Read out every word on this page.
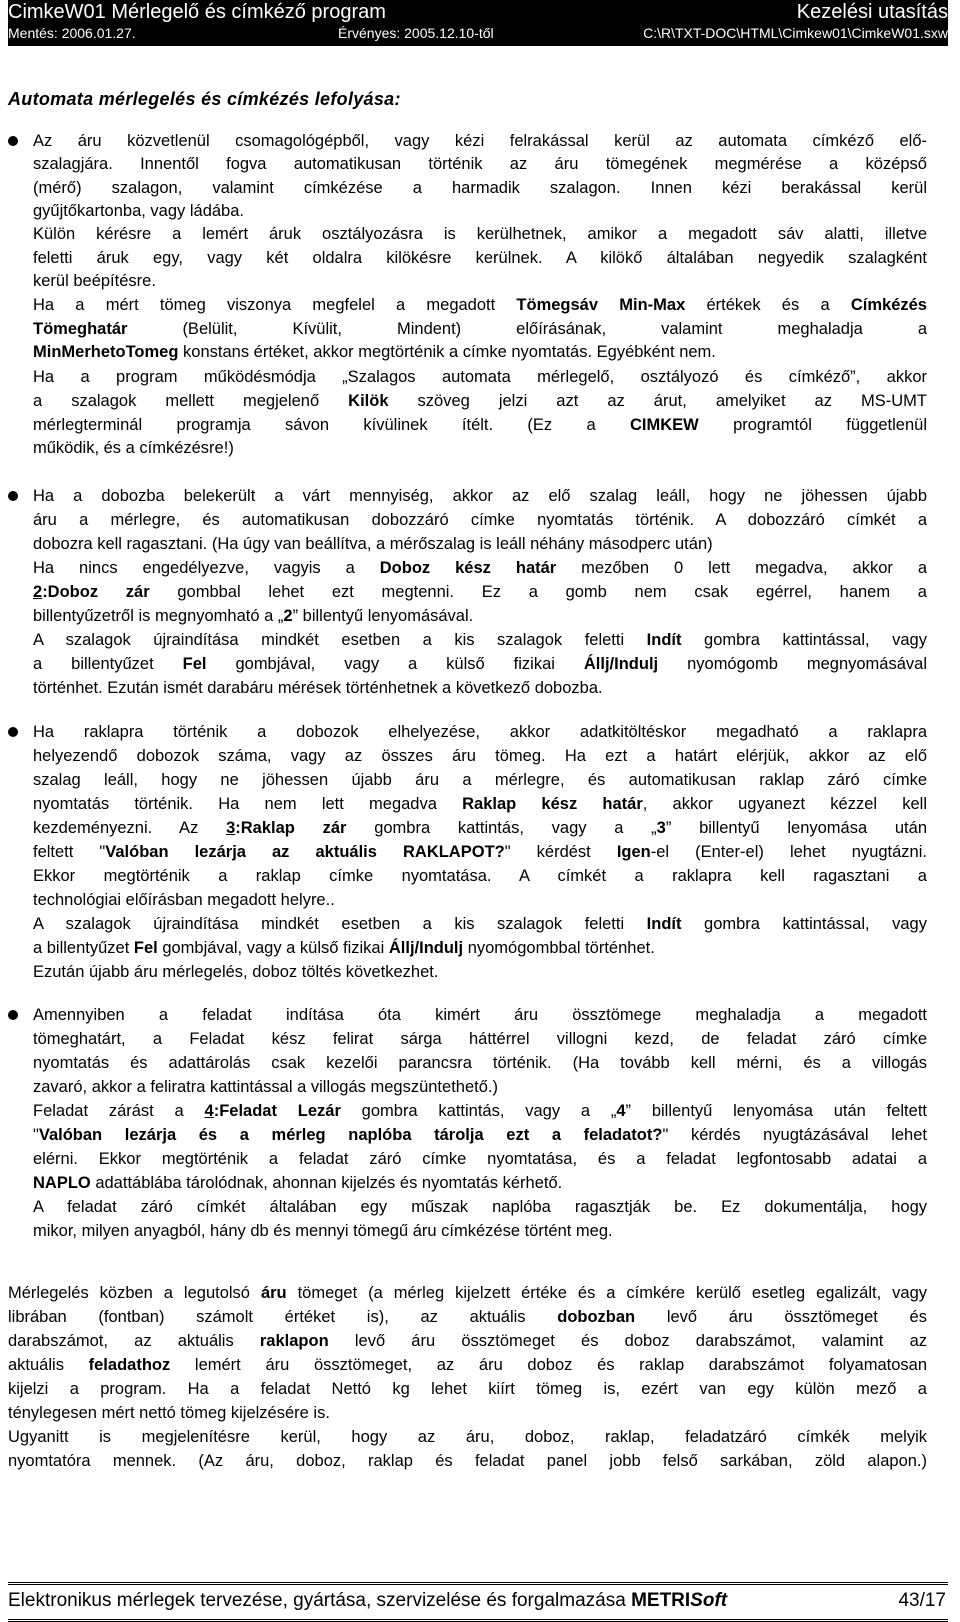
CimkeW01 Mérlegelő és címkéző program	Kezelési utasítás
Mentés: 2006.01.27.	Érvényes: 2005.12.10-től	C:\R\TXT-DOC\HTML\Cimkew01\CimkeW01.sxw
Automata mérlegelés és címkézés lefolyása:
Az áru közvetlenül csomagológépből, vagy kézi felrakással kerül az automata címkéző elő-
szalagjára. Innentől fogva automatikusan történik az áru tömegének megmérése a középső
(mérő) szalagon, valamint címkézése a harmadik szalagon. Innen kézi berakással kerül
gyűjtőkartonba, vagy ládába.
Külön kérésre a lemért áruk osztályozásra is kerülhetnek, amikor a megadott sáv alatti, illetve
feletti áruk egy, vagy két oldalra kilökésre kerülnek. A kilökő általában negyedik szalagként
kerül beépítésre.
Ha a mért tömeg viszonya megfelel a megadott Tömegsáv Min-Max értékek és a Címkézés
Tömeghatár (Belülit, Kívülit, Mindent) előírásának, valamint meghaladja a
MinMerhetoTomeg konstans értéket, akkor megtörténik a címke nyomtatás. Egyébként nem.
Ha a program működésmódja „Szalagos automata mérlegelő, osztályozó és címkéző”, akkor
a szalagok mellett megjelenő Kilök szöveg jelzi azt az árut, amelyiket az MS-UMT
mérlegterminál programja sávon kívülinek ítélt. (Ez a CIMKEW programtól függetlenül
működik, és a címkézésre!)
Ha a dobozba belekerült a várt mennyiség, akkor az elő szalag leáll, hogy ne jöhessen újabb
áru a mérlegre, és automatikusan dobozzáró címke nyomtatás történik. A dobozzáró címkét a
dobozra kell ragasztani. (Ha úgy van beállítva, a mérőszalag is leáll néhány másodperc után)
Ha nincs engedélyezve, vagyis a Doboz kész határ mezőben 0 lett megadva, akkor a
2:Doboz zár gombbal lehet ezt megtenni. Ez a gomb nem csak egérrel, hanem a
billentyűzetről is megnyomható a „2” billentyű lenyomásával.
A szalagok újraindítása mindkét esetben a kis szalagok feletti Indít gombra kattintással, vagy
a billentyűzet Fel gombjával, vagy a külső fizikai Állj/Indulj nyomógomb megnyomásával
történhet. Ezután ismét darabáru mérések történhetnek a következő dobozba.
Ha raklapra történik a dobozok elhelyezése, akkor adatkitöltéskor megadható a raklapra
helyezendő dobozok száma, vagy az összes áru tömeg. Ha ezt a határt elérjük, akkor az elő
szalag leáll, hogy ne jöhessen újabb áru a mérlegre, és automatikusan raklap záró címke
nyomtatás történik. Ha nem lett megadva Raklap kész határ, akkor ugyanezt kézzel kell
kezdeményezni. Az 3:Raklap zár gombra kattintás, vagy a „3” billentyű lenyomása után
feltett "Valóban lezárja az aktuális RAKLAPOT?" kérdést Igen-el (Enter-el) lehet nyugtázni.
Ekkor megtörténik a raklap címke nyomtatása. A címkét a raklapra kell ragasztani a
technológiai előírásban megadott helyre..
A szalagok újraindítása mindkét esetben a kis szalagok feletti Indít gombra kattintással, vagy
a billentyűzet Fel gombjával, vagy a külső fizikai Állj/Indulj nyomógombbal történhet.
Ezután újabb áru mérlegelés, doboz töltés következhet.
Amennyiben a feladat indítása óta kimért áru össztömege meghaladja a megadott
tömeghatárt, a Feladat kész felirat sárga háttérrel villogni kezd, de feladat záró címke
nyomtatás és adattárolás csak kezelői parancsra történik. (Ha tovább kell mérni, és a villogás
zavaró, akkor a feliratra kattintással a villogás megszüntethető.)
Feladat zárást a 4:Feladat Lezár gombra kattintás, vagy a „4” billentyű lenyomása után feltett
"Valóban lezárja és a mérleg naplóba tárolja ezt a feladatot?" kérdés nyugtázásával lehet
elérni. Ekkor megtörténik a feladat záró címke nyomtatása, és a feladat legfontosabb adatai a
NAPLO adattáblába tárolódnak, ahonnan kijelzés és nyomtatás kérhető.
A feladat záró címkét általában egy műszak naplóba ragasztják be. Ez dokumentálja, hogy
mikor, milyen anyagból, hány db és mennyi tömegű áru címkézése történt meg.
Mérlegelés közben a legutolsó áru tömeget (a mérleg kijelzett értéke és a címkére kerülő esetleg egalizált, vagy
librában (fontban) számolt értéket is), az aktuális dobozban levő áru össztömeget és
darabszámot, az aktuális raklapon levő áru össztömeget és doboz darabszámot, valamint az
aktuális feladathoz lemért áru össztömeget, az áru doboz és raklap darabszámot folyamatosan
kijelzi a program. Ha a feladat Nettó kg lehet kiírt tömeg is, ezért van egy külön mező a
ténylegesen mért nettó tömeg kijelzésére is.
Ugyanitt is megjelenítésre kerül, hogy az áru, doboz, raklap, feladatzáró címkék melyik
nyomtatóra mennek. (Az áru, doboz, raklap és feladat panel jobb felső sarkában, zöld alapon.)
Elektronikus mérlegek tervezése, gyártása, szervizelése és forgalmazása METRISoft	43/17
